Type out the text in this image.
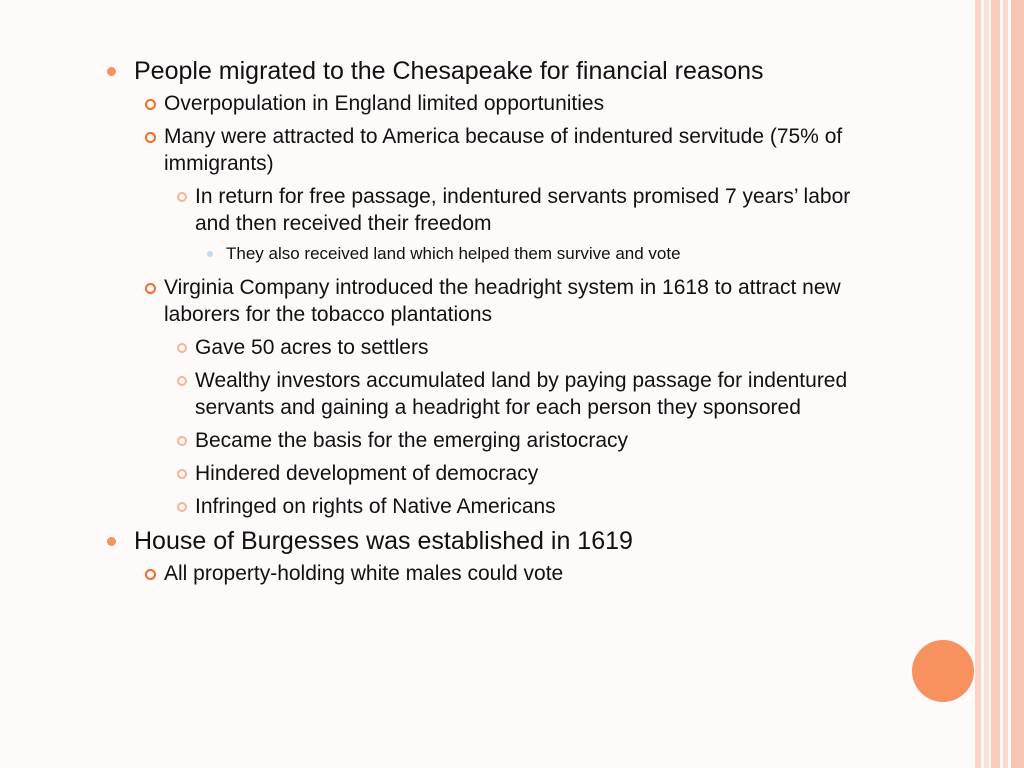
People migrated to the Chesapeake for financial reasons
Overpopulation in England limited opportunities
Many were attracted to America because of indentured servitude (75% of immigrants)
In return for free passage, indentured servants promised 7 years’ labor and then received their freedom
They also received land which helped them survive and vote
Virginia Company introduced the headright system in 1618 to attract new laborers for the tobacco plantations
Gave 50 acres to settlers
Wealthy investors accumulated land by paying passage for indentured servants and gaining a headright for each person they sponsored
Became the basis for the emerging aristocracy
Hindered development of democracy
Infringed on rights of Native Americans
House of Burgesses was established in 1619
All property-holding white males could vote
